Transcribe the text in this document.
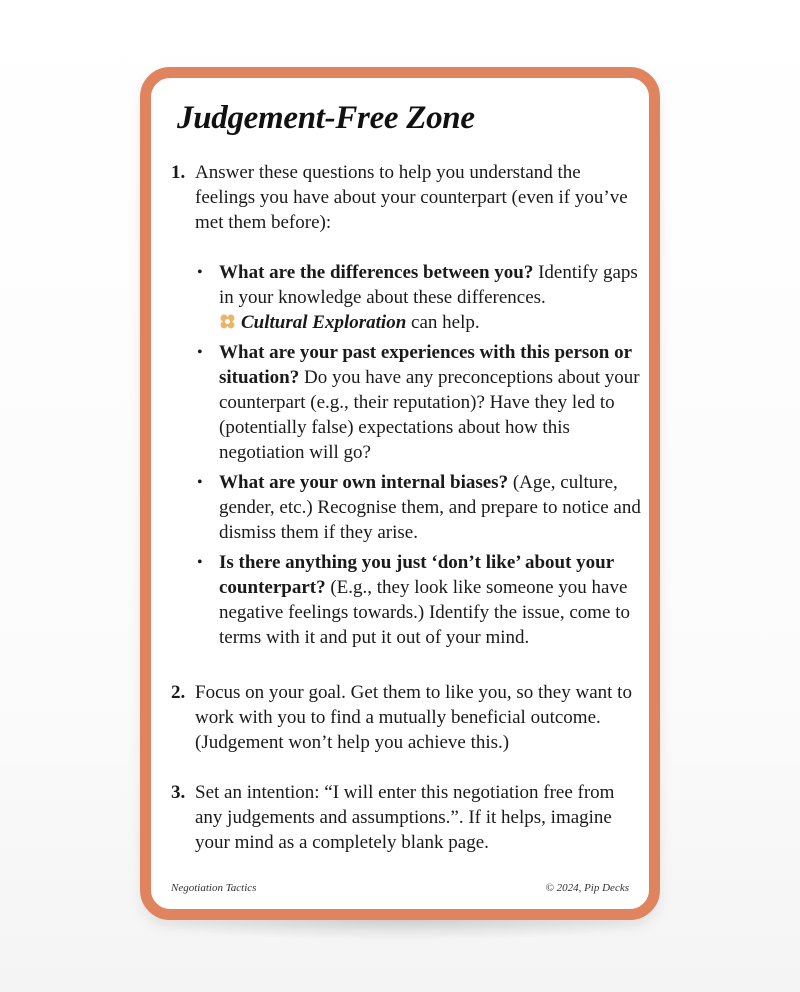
Judgement-Free Zone
1. Answer these questions to help you understand the feelings you have about your counterpart (even if you’ve met them before):
• What are the differences between you? Identify gaps in your knowledge about these differences.
Cultural Exploration can help.
• What are your past experiences with this person or situation? Do you have any preconceptions about your counterpart (e.g., their reputation)? Have they led to (potentially false) expectations about how this negotiation will go?
• What are your own internal biases? (Age, culture, gender, etc.) Recognise them, and prepare to notice and dismiss them if they arise.
• Is there anything you just ‘don’t like’ about your counterpart? (E.g., they look like someone you have negative feelings towards.) Identify the issue, come to terms with it and put it out of your mind.
2. Focus on your goal. Get them to like you, so they want to work with you to find a mutually beneficial outcome. (Judgement won’t help you achieve this.)
3. Set an intention: “I will enter this negotiation free from any judgements and assumptions.”. If it helps, imagine your mind as a completely blank page.
Negotiation Tactics	© 2024, Pip Decks
